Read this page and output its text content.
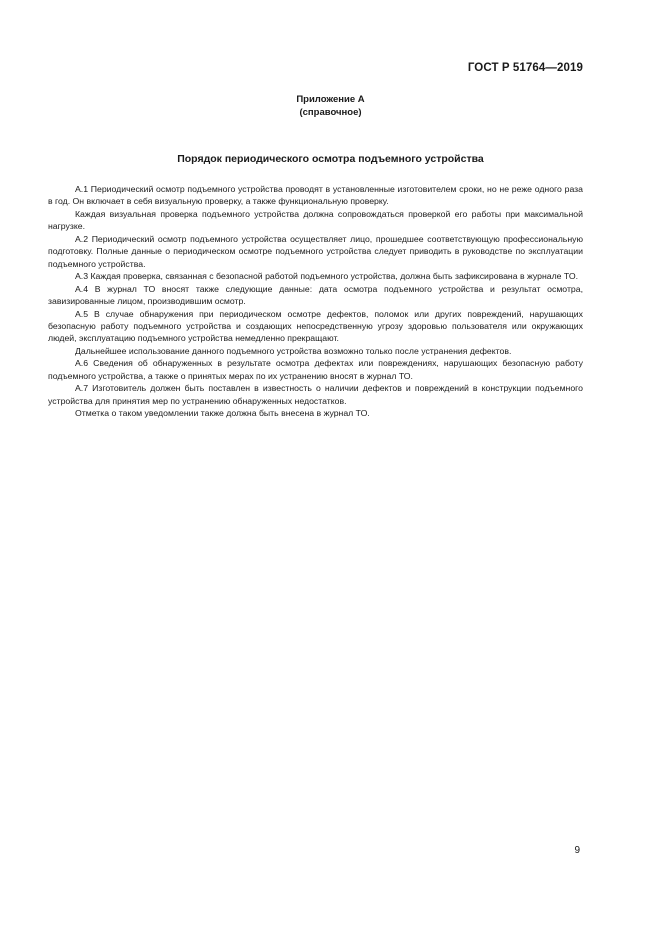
ГОСТ Р 51764—2019
Приложение А
(справочное)
Порядок периодического осмотра подъемного устройства

А.1 Периодический осмотр подъемного устройства проводят в установленные изготовителем сроки, но не реже одного раза в год. Он включает в себя визуальную проверку, а также функциональную проверку.

Каждая визуальная проверка подъемного устройства должна сопровождаться проверкой его работы при максимальной нагрузке.

А.2 Периодический осмотр подъемного устройства осуществляет лицо, прошедшее соответствующую профессиональную подготовку. Полные данные о периодическом осмотре подъемного устройства следует приводить в руководстве по эксплуатации подъемного устройства.

А.3 Каждая проверка, связанная с безопасной работой подъемного устройства, должна быть зафиксирована в журнале ТО.

А.4 В журнал ТО вносят также следующие данные: дата осмотра подъемного устройства и результат осмотра, завизированные лицом, производившим осмотр.

А.5 В случае обнаружения при периодическом осмотре дефектов, поломок или других повреждений, нарушающих безопасную работу подъемного устройства и создающих непосредственную угрозу здоровью пользователя или окружающих людей, эксплуатацию подъемного устройства немедленно прекращают.

Дальнейшее использование данного подъемного устройства возможно только после устранения дефектов.

А.6 Сведения об обнаруженных в результате осмотра дефектах или повреждениях, нарушающих безопасную работу подъемного устройства, а также о принятых мерах по их устранению вносят в журнал ТО.

А.7 Изготовитель должен быть поставлен в известность о наличии дефектов и повреждений в конструкции подъемного устройства для принятия мер по устранению обнаруженных недостатков.

Отметка о таком уведомлении также должна быть внесена в журнал ТО.

9
